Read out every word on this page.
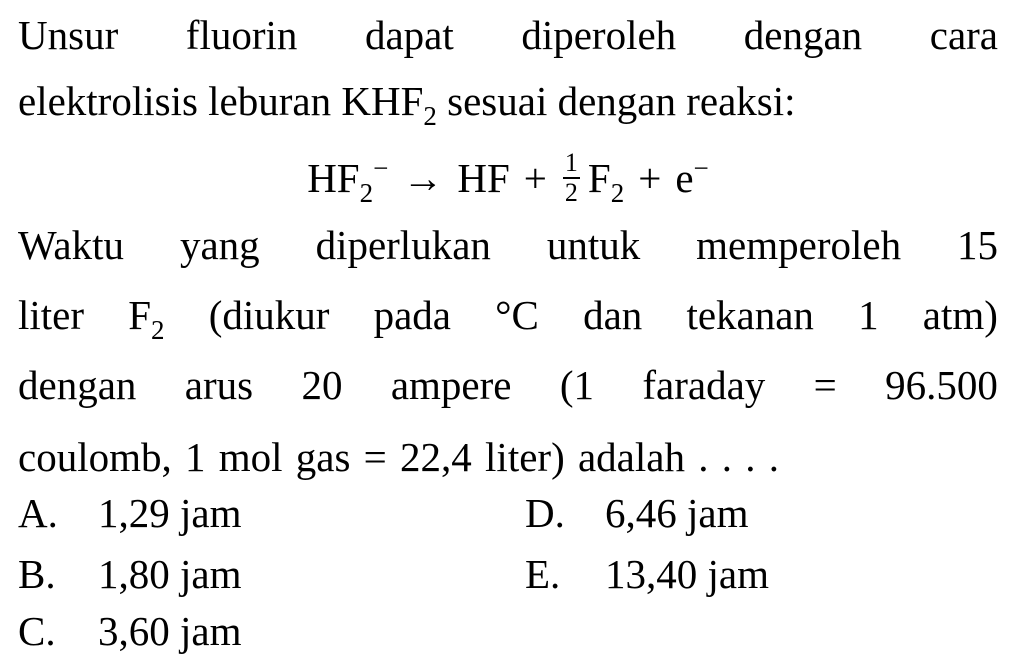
Unsur fluorin dapat diperoleh dengan cara
elektrolisis leburan $KHF_2$ sesuai dengan reaksi:
$HF_2^-$ → HF + $\frac{1}{2} F_2 + e^-$
Waktu yang diperlukan untuk memperoleh 15
liter $F_2$ (diukur pada °C dan tekanan 1 atm)
dengan arus 20 ampere (1 faraday = 96.500
coulomb, 1 mol gas = 22,4 liter) adalah . . . .
A. 1,29 jam
B. 1,80 jam
C. 3,60 jam
D. 6,46 jam
E. 13,40 jam
